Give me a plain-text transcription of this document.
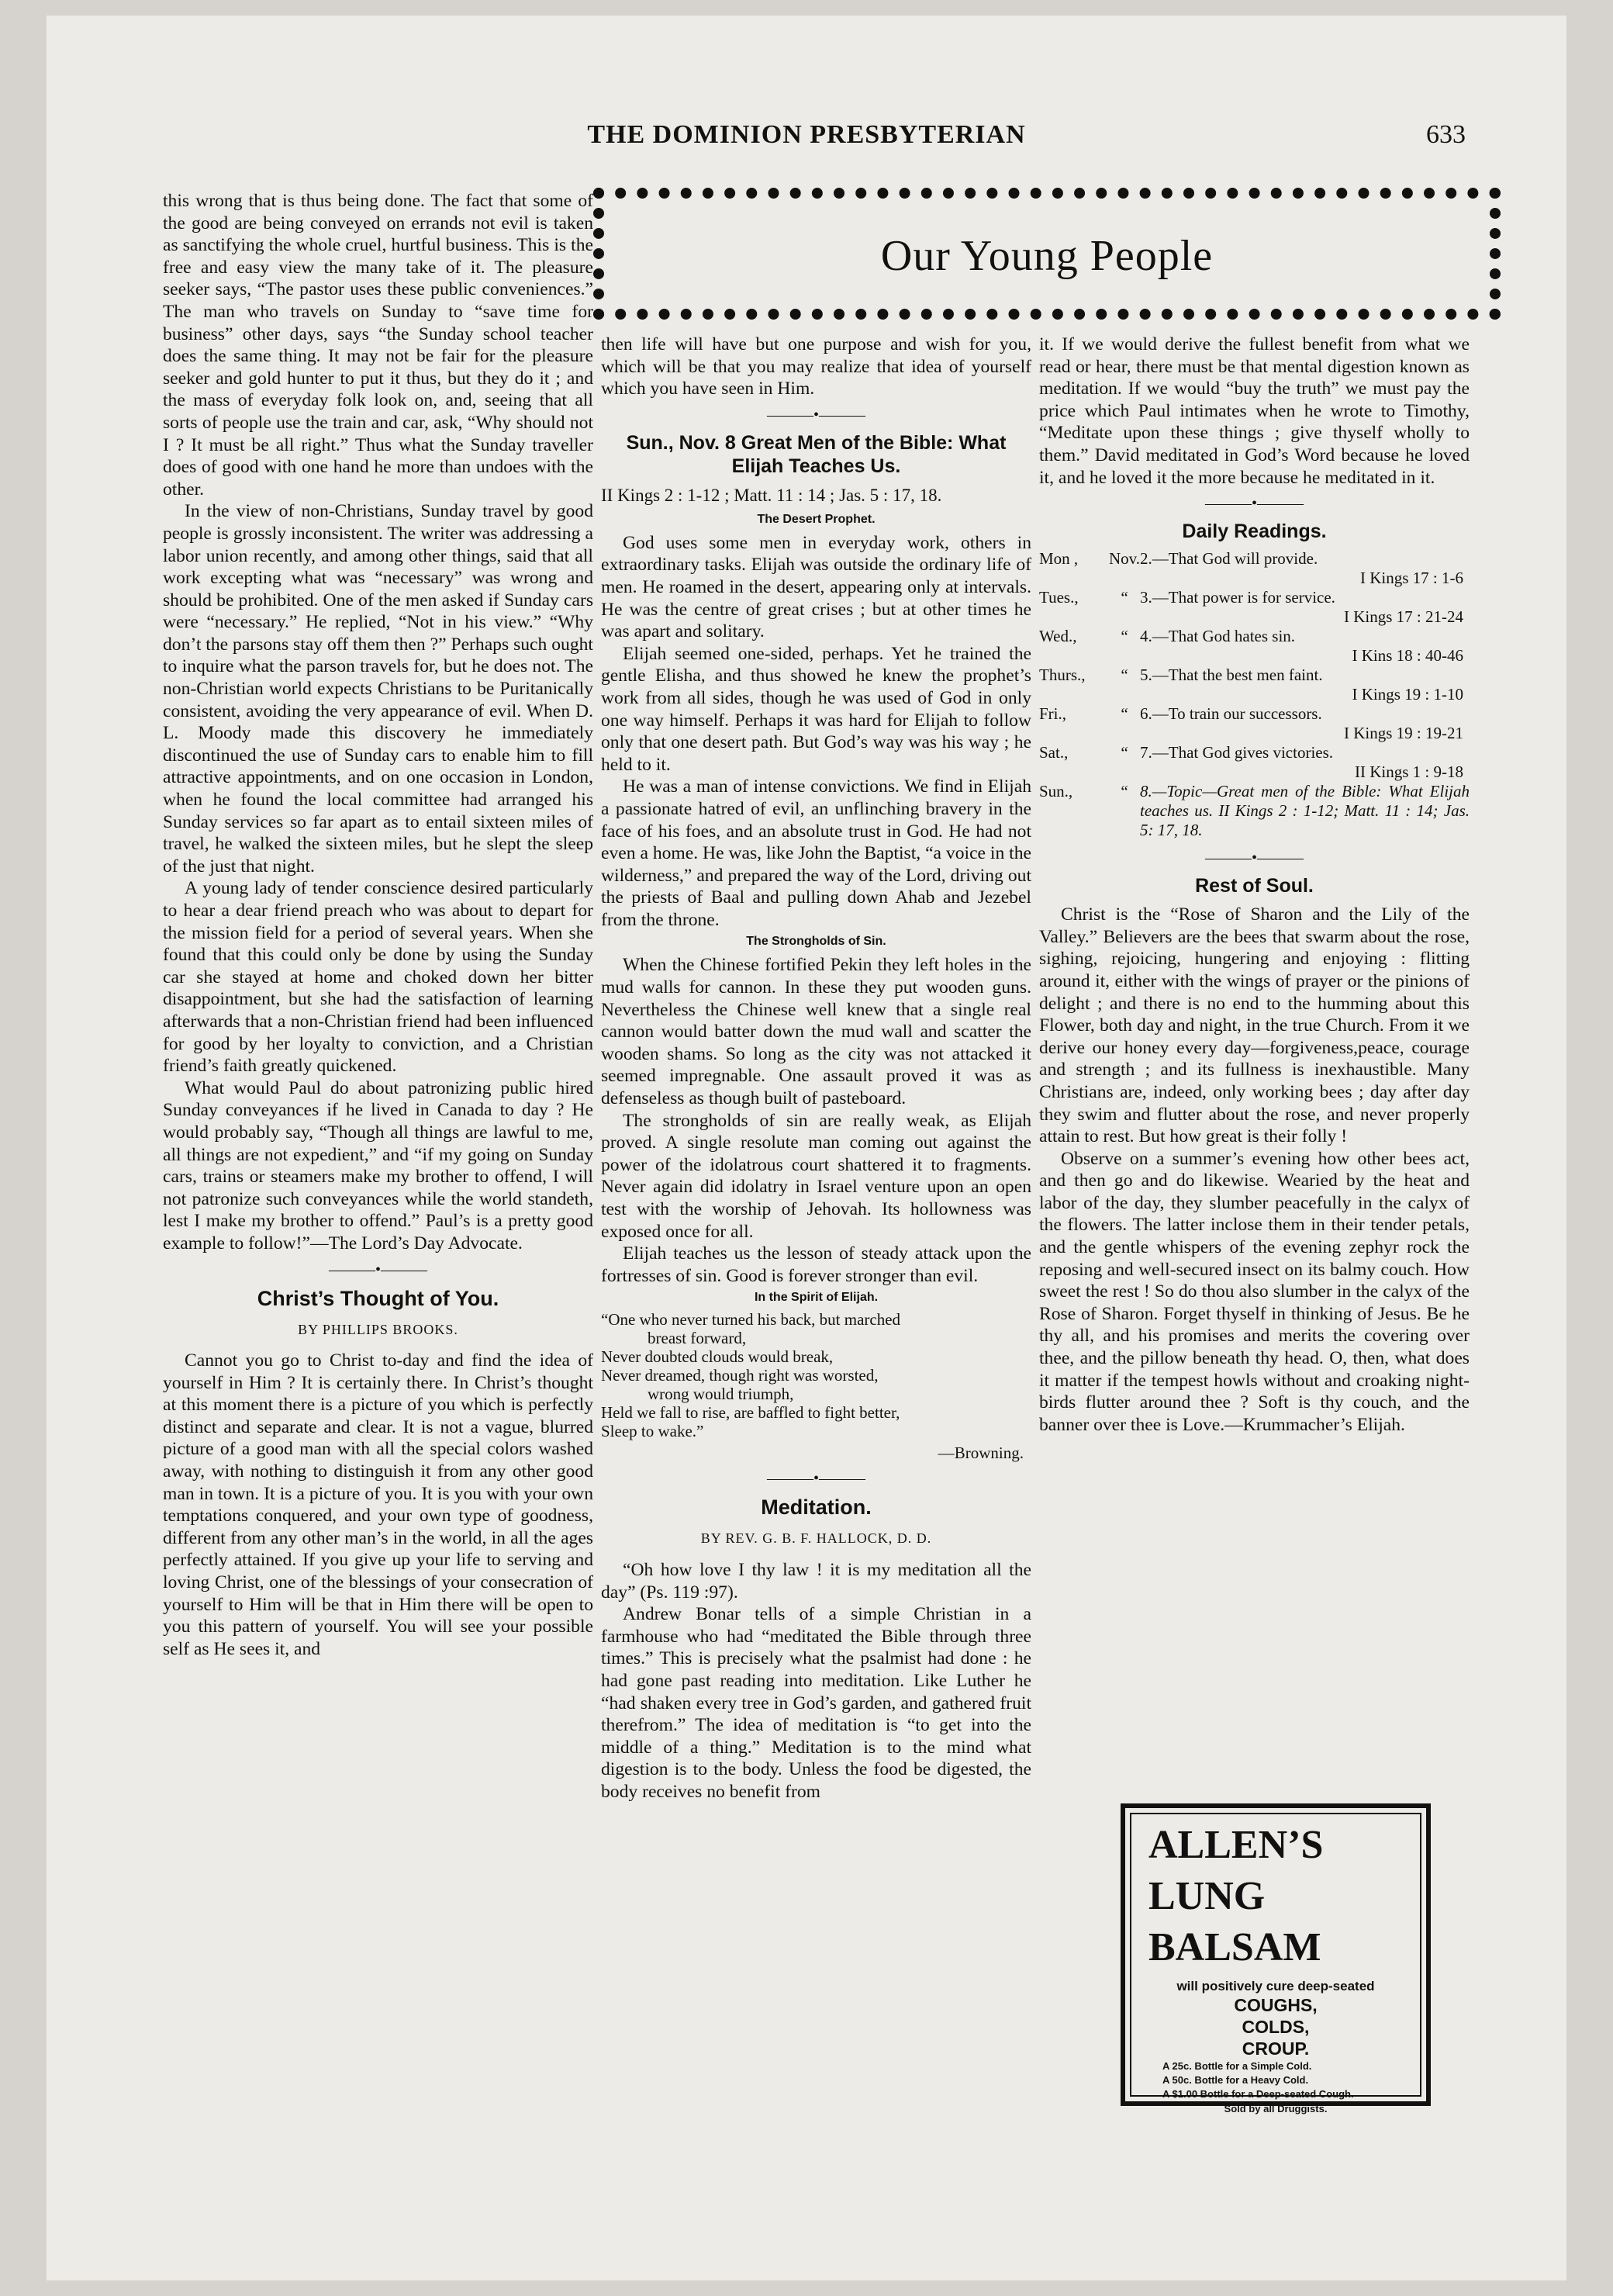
THE DOMINION PRESBYTERIAN	633
Our Young People

this wrong that is thus being done. The fact that some of the good are being conveyed on errands not evil is taken as sanctifying the whole cruel, hurtful business. This is the free and easy view the many take of it. The pleasure seeker says, “The pastor uses these public conveniences.” The man who travels on Sunday to “save time for business” other days, says “the Sunday school teacher does the same thing. It may not be fair for the pleasure seeker and gold hunter to put it thus, but they do it ; and the mass of everyday folk look on, and, seeing that all sorts of people use the train and car, ask, “Why should not I ? It must be all right.” Thus what the Sunday traveller does of good with one hand he more than undoes with the other.

In the view of non-Christians, Sunday travel by good people is grossly inconsistent. The writer was addressing a labor union recently, and among other things, said that all work excepting what was “necessary” was wrong and should be prohibited. One of the men asked if Sunday cars were “necessary.” He replied, “Not in his view.” “Why don’t the parsons stay off them then ?” Perhaps such ought to inquire what the parson travels for, but he does not. The non-Christian world expects Christians to be Puritanically consistent, avoiding the very appearance of evil. When D. L. Moody made this discovery he immediately discontinued the use of Sunday cars to enable him to fill attractive appointments, and on one occasion in London, when he found the local committee had arranged his Sunday services so far apart as to entail sixteen miles of travel, he walked the sixteen miles, but he slept the sleep of the just that night.

A young lady of tender conscience desired particularly to hear a dear friend preach who was about to depart for the mission field for a period of several years. When she found that this could only be done by using the Sunday car she stayed at home and choked down her bitter disappointment, but she had the satisfaction of learning afterwards that a non-Christian friend had been influenced for good by her loyalty to conviction, and a Christian friend’s faith greatly quickened.

What would Paul do about patronizing public hired Sunday conveyances if he lived in Canada to day ? He would probably say, “Though all things are lawful to me, all things are not expedient,” and “if my going on Sunday cars, trains or steamers make my brother to offend, I will not patronize such conveyances while the world standeth, lest I make my brother to offend.” Paul’s is a pretty good example to follow!”—The Lord’s Day Advocate.

———•———
Christ’s Thought of You.
BY PHILLIPS BROOKS.

Cannot you go to Christ to-day and find the idea of yourself in Him ? It is certainly there. In Christ’s thought at this moment there is a picture of you which is perfectly distinct and separate and clear. It is not a vague, blurred picture of a good man with all the special colors washed away, with nothing to distinguish it from any other good man in town. It is a picture of you. It is you with your own temptations conquered, and your own type of goodness, different from any other man’s in the world, in all the ages perfectly attained. If you give up your life to serving and loving Christ, one of the blessings of your consecration of yourself to Him will be that in Him there will be open to you this pattern of yourself. You will see your possible self as He sees it, and

then life will have but one purpose and wish for you, which will be that you may realize that idea of yourself which you have seen in Him.

———•———
Sun., Nov. 8 Great Men of the Bible: What Elijah Teaches Us.
II Kings 2 : 1-12 ; Matt. 11 : 14 ; Jas. 5 : 17, 18.
The Desert Prophet.

God uses some men in everyday work, others in extraordinary tasks. Elijah was outside the ordinary life of men. He roamed in the desert, appearing only at intervals. He was the centre of great crises ; but at other times he was apart and solitary.

Elijah seemed one-sided, perhaps. Yet he trained the gentle Elisha, and thus showed he knew the prophet’s work from all sides, though he was used of God in only one way himself. Perhaps it was hard for Elijah to follow only that one desert path. But God’s way was his way ; he held to it.

He was a man of intense convictions. We find in Elijah a passionate hatred of evil, an unflinching bravery in the face of his foes, and an absolute trust in God. He had not even a home. He was, like John the Baptist, “a voice in the wilderness,” and prepared the way of the Lord, driving out the priests of Baal and pulling down Ahab and Jezebel from the throne.

The Strongholds of Sin.

When the Chinese fortified Pekin they left holes in the mud walls for cannon. In these they put wooden guns. Nevertheless the Chinese well knew that a single real cannon would batter down the mud wall and scatter the wooden shams. So long as the city was not attacked it seemed impregnable. One assault proved it was as defenseless as though built of pasteboard.

The strongholds of sin are really weak, as Elijah proved. A single resolute man coming out against the power of the idolatrous court shattered it to fragments. Never again did idolatry in Israel venture upon an open test with the worship of Jehovah. Its hollowness was exposed once for all.

Elijah teaches us the lesson of steady attack upon the fortresses of sin. Good is forever stronger than evil.

In the Spirit of Elijah.
“One who never turned his back, but marched
breast forward,
Never doubted clouds would break,
Never dreamed, though right was worsted,
wrong would triumph,
Held we fall to rise, are baffled to fight better,
Sleep to wake.”
—Browning.
———•———
Meditation.
BY REV. G. B. F. HALLOCK, D. D.

“Oh how love I thy law ! it is my meditation all the day” (Ps. 119 :97).

Andrew Bonar tells of a simple Christian in a farmhouse who had “meditated the Bible through three times.” This is precisely what the psalmist had done : he had gone past reading into meditation. Like Luther he “had shaken every tree in God’s garden, and gathered fruit therefrom.” The idea of meditation is “to get into the middle of a thing.” Meditation is to the mind what digestion is to the body. Unless the food be digested, the body receives no benefit from

it. If we would derive the fullest benefit from what we read or hear, there must be that mental digestion known as meditation. If we would “buy the truth” we must pay the price which Paul intimates when he wrote to Timothy, “Meditate upon these things ; give thyself wholly to them.” David meditated in God’s Word because he loved it, and he loved it the more because he meditated in it.

———•———
Daily Readings.
Mon ,	Nov. 2.—That God will provide.
I Kings 17 : 1-6
Tues.,	“ 3.—That power is for service.
I Kings 17 : 21-24
Wed.,	“ 4.—That God hates sin.
I Kins 18 : 40-46
Thurs.,	“ 5.—That the best men faint.
I Kings 19 : 1-10
Fri.,	“ 6.—To train our successors.
I Kings 19 : 19-21
Sat.,	“ 7.—That God gives victories.
II Kings 1 : 9-18
Sun.,	“ 8.—Topic—Great men of the Bible: What Elijah teaches us. II Kings 2 : 1-12; Matt. 11 : 14; Jas. 5: 17, 18.
———•———
Rest of Soul.

Christ is the “Rose of Sharon and the Lily of the Valley.” Believers are the bees that swarm about the rose, sighing, rejoicing, hungering and enjoying : flitting around it, either with the wings of prayer or the pinions of delight ; and there is no end to the humming about this Flower, both day and night, in the true Church. From it we derive our honey every day—forgiveness,peace, courage and strength ; and its fullness is inexhaustible. Many Christians are, indeed, only working bees ; day after day they swim and flutter about the rose, and never properly attain to rest. But how great is their folly !

Observe on a summer’s evening how other bees act, and then go and do likewise. Wearied by the heat and labor of the day, they slumber peacefully in the calyx of the flowers. The latter inclose them in their tender petals, and the gentle whispers of the evening zephyr rock the reposing and well-secured insect on its balmy couch. How sweet the rest ! So do thou also slumber in the calyx of the Rose of Sharon. Forget thyself in thinking of Jesus. Be he thy all, and his promises and merits the covering over thee, and the pillow beneath thy head. O, then, what does it matter if the tempest howls without and croaking night-birds flutter around thee ? Soft is thy couch, and the banner over thee is Love.—Krummacher’s Elijah.

ALLEN’S
LUNG
BALSAM
will positively cure deep-seated
COUGHS,
COLDS,
CROUP.
A 25c. Bottle for a Simple Cold.
A 50c. Bottle for a Heavy Cold.
A $1.00 Bottle for a Deep-seated Cough.
Sold by all Druggists.
